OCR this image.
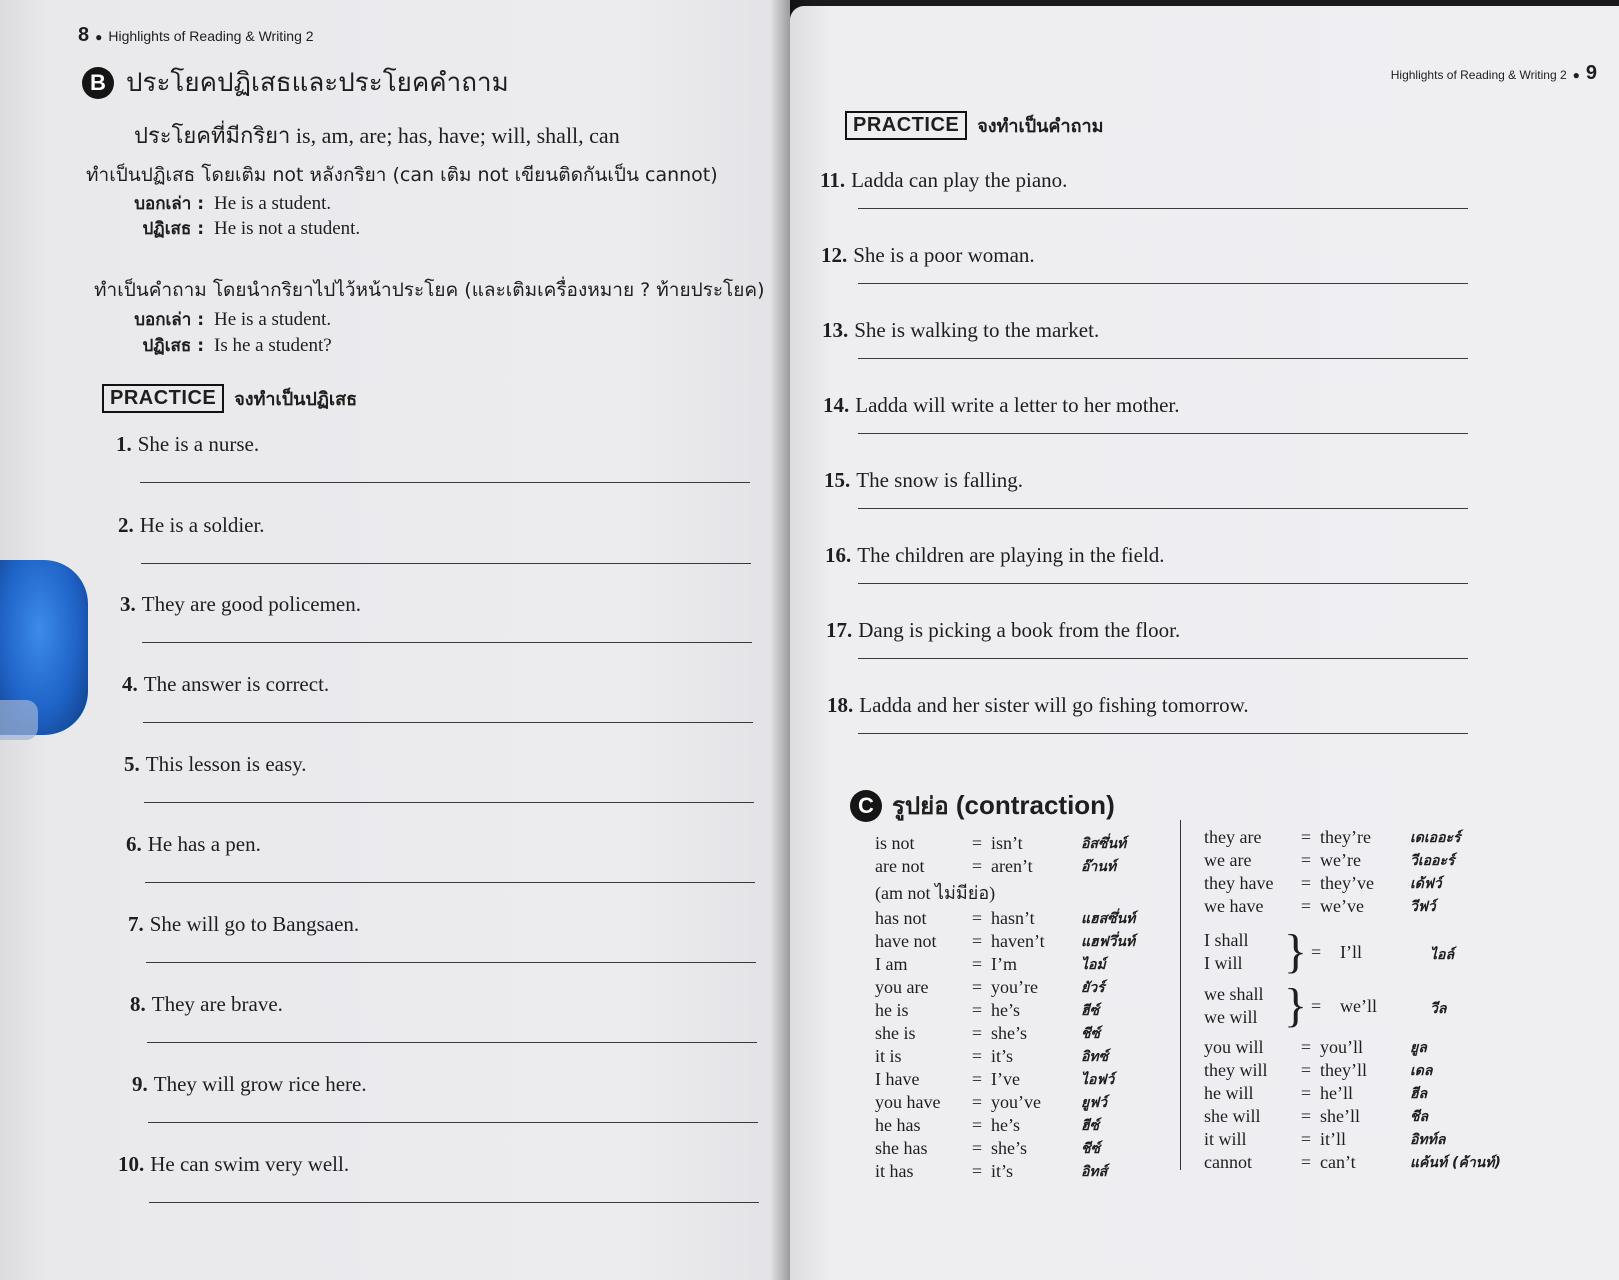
8 ● Highlights of Reading & Writing 2
B ประโยคปฏิเสธและประโยคคำถาม
ประโยคที่มีกริยา is, am, are; has, have; will, shall, can
ทำเป็นปฏิเสธ โดยเติม not หลังกริยา (can เติม not เขียนติดกันเป็น cannot)
บอกเล่า : He is a student.
ปฏิเสธ : He is not a student.
ทำเป็นคำถาม โดยนำกริยาไปไว้หน้าประโยค (และเติมเครื่องหมาย ? ท้ายประโยค)
บอกเล่า : He is a student.
ปฏิเสธ : Is he a student?
PRACTICE จงทำเป็นปฏิเสธ
1. She is a nurse.
2. He is a soldier.
3. They are good policemen.
4. The answer is correct.
5. This lesson is easy.
6. He has a pen.
7. She will go to Bangsaen.
8. They are brave.
9. They will grow rice here.
10. He can swim very well.
Highlights of Reading & Writing 2 ● 9
PRACTICE จงทำเป็นคำถาม
11. Ladda can play the piano.
12. She is a poor woman.
13. She is walking to the market.
14. Ladda will write a letter to her mother.
15. The snow is falling.
16. The children are playing in the field.
17. Dang is picking a book from the floor.
18. Ladda and her sister will go fishing tomorrow.
C รูปย่อ (contraction)
is not	=	isn’t	อิสซึ่นท์
are not	=	aren’t	อ๊านท์
(am not ไม่มีย่อ)			
has not	=	hasn’t	แฮสซึ่นท์
have not	=	haven’t	แฮฟวึ่นท์
I am	=	I’m	ไอม์
you are	=	you’re	ยัวร์
he is	=	he’s	ฮีซ์
she is	=	she’s	ชีซ์
it is	=	it’s	อิทซ์
I have	=	I’ve	ไอฟว์
you have	=	you’ve	ยูฟว์
he has	=	he’s	ฮีซ์
she has	=	she’s	ชีซ์
it has	=	it’s	อิทส์
they are	=	they’re	เดเออะร์
we are	=	we’re	วีเออะร์
they have	=	they’ve	เด้ฟว์
we have	=	we’ve	วีฟว์
I shall
I will } = I’ll	ไอล์
we shall
we will } = we’ll	วีล
you will	=	you’ll	ยูล
they will	=	they’ll	เดล
he will	=	he’ll	ฮีล
she will	=	she’ll	ชีล
it will	=	it’ll	อิทท์ล
cannot	=	can’t	แค้นท์ (ค้านท์)
